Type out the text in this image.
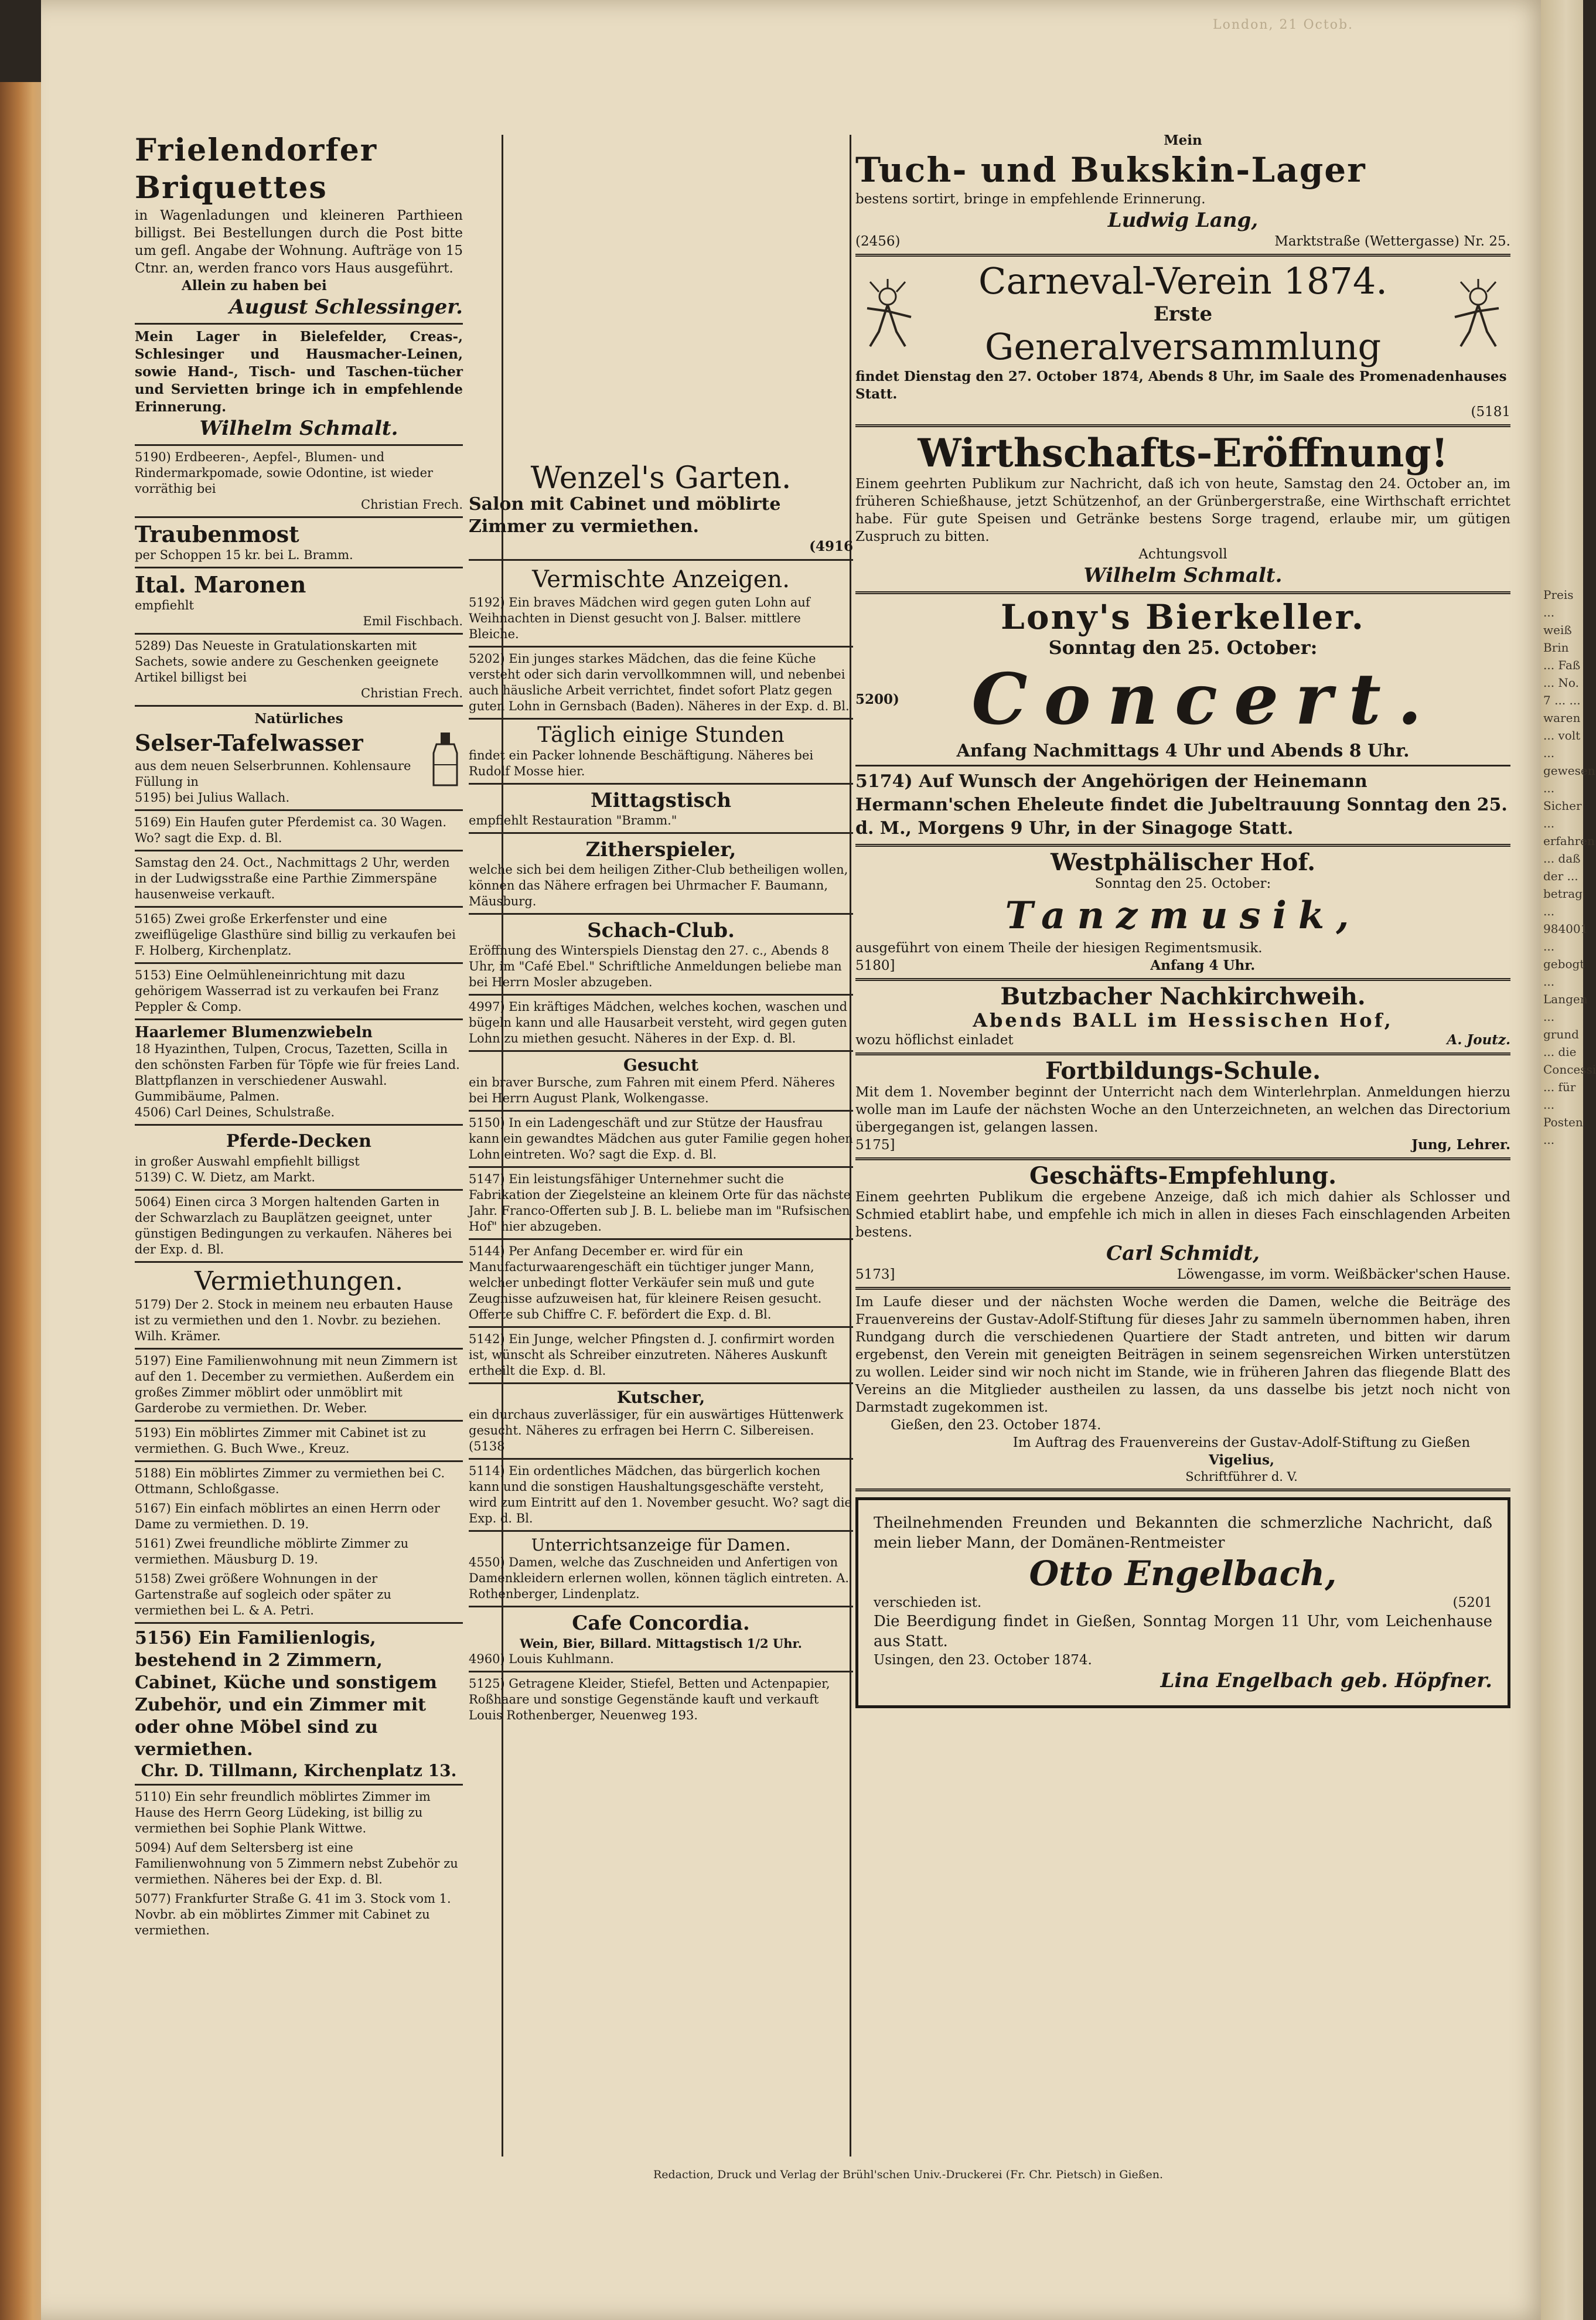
London, 21 Octob.
Preis ... weiß Brin ... Faß ... No. 7 ... ... waren ... volt ... gewesen ... Sicher ... erfahren ... daß der ... betrag ... 984001 ... gebogt ... Langen ... grund ... die Concessi ... für ... Posten ...
Frielendorfer Briquettes
in Wagenladungen und kleineren Parthieen billigst. Bei Bestellungen durch die Post bitte um gefl. Angabe der Wohnung. Aufträge von 15 Ctnr. an, werden franco vors Haus ausgeführt.
Allein zu haben bei
August Schlessinger.
Mein Lager in Bielefelder, Creas-, Schlesinger und Hausmacher-Leinen, sowie Hand-, Tisch- und Taschen-tücher und Servietten bringe ich in empfehlende Erinnerung.
Wilhelm Schmalt.
5190) Erdbeeren-, Aepfel-, Blumen- und Rindermarkpomade, sowie Odontine, ist wieder vorräthig bei
Christian Frech.
Traubenmost
per Schoppen 15 kr. bei L. Bramm.
Ital. Maronen
empfiehlt
Emil Fischbach.
5289) Das Neueste in Gratulationskarten mit Sachets, sowie andere zu Geschenken geeignete Artikel billigst bei
Christian Frech.
Natürliches
Selser-Tafelwasser
aus dem neuen Selserbrunnen. Kohlensaure Füllung in
5195) bei Julius Wallach.
5169) Ein Haufen guter Pferdemist ca. 30 Wagen. Wo? sagt die Exp. d. Bl.
Samstag den 24. Oct., Nachmittags 2 Uhr, werden in der Ludwigsstraße eine Parthie Zimmerspäne hausenweise verkauft.
5165) Zwei große Erkerfenster und eine zweiflügelige Glasthüre sind billig zu verkaufen bei F. Holberg, Kirchenplatz.
5153) Eine Oelmühleneinrichtung mit dazu gehörigem Wasserrad ist zu verkaufen bei Franz Peppler & Comp.
Haarlemer Blumenzwiebeln
18 Hyazinthen, Tulpen, Crocus, Tazetten, Scilla in den schönsten Farben für Töpfe wie für freies Land. Blattpflanzen in verschiedener Auswahl. Gummibäume, Palmen.
4506) Carl Deines, Schulstraße.
Pferde-Decken
in großer Auswahl empfiehlt billigst
5139) C. W. Dietz, am Markt.
5064) Einen circa 3 Morgen haltenden Garten in der Schwarzlach zu Bauplätzen geeignet, unter günstigen Bedingungen zu verkaufen. Näheres bei der Exp. d. Bl.
Vermiethungen.
5179) Der 2. Stock in meinem neu erbauten Hause ist zu vermiethen und den 1. Novbr. zu beziehen. Wilh. Krämer.
5197) Eine Familienwohnung mit neun Zimmern ist auf den 1. December zu vermiethen. Außerdem ein großes Zimmer möblirt oder unmöblirt mit Garderobe zu vermiethen. Dr. Weber.
5193) Ein möblirtes Zimmer mit Cabinet ist zu vermiethen. G. Buch Wwe., Kreuz.
5188) Ein möblirtes Zimmer zu vermiethen bei C. Ottmann, Schloßgasse.
5167) Ein einfach möblirtes an einen Herrn oder Dame zu vermiethen. D. 19.
5161) Zwei freundliche möblirte Zimmer zu vermiethen. Mäusburg D. 19.
5158) Zwei größere Wohnungen in der Gartenstraße auf sogleich oder später zu vermiethen bei L. & A. Petri.
5156) Ein Familienlogis, bestehend in 2 Zimmern, Cabinet, Küche und sonstigem Zubehör, und ein Zimmer mit oder ohne Möbel sind zu vermiethen.
Chr. D. Tillmann, Kirchenplatz 13.
5110) Ein sehr freundlich möblirtes Zimmer im Hause des Herrn Georg Lüdeking, ist billig zu vermiethen bei Sophie Plank Wittwe.
5094) Auf dem Seltersberg ist eine Familienwohnung von 5 Zimmern nebst Zubehör zu vermiethen. Näheres bei der Exp. d. Bl.
5077) Frankfurter Straße G. 41 im 3. Stock vom 1. Novbr. ab ein möblirtes Zimmer mit Cabinet zu vermiethen.
Wenzel's Garten.
Salon mit Cabinet und möblirte Zimmer zu vermiethen.
(4916
Vermischte Anzeigen.
5192) Ein braves Mädchen wird gegen guten Lohn auf Weihnachten in Dienst gesucht von J. Balser. mittlere Bleiche.
5202) Ein junges starkes Mädchen, das die feine Küche versteht oder sich darin vervollkommnen will, und nebenbei auch häusliche Arbeit verrichtet, findet sofort Platz gegen guten Lohn in Gernsbach (Baden). Näheres in der Exp. d. Bl.
Täglich einige Stunden
findet ein Packer lohnende Beschäftigung. Näheres bei Rudolf Mosse hier.
Mittagstisch
empfiehlt Restauration "Bramm."
Zitherspieler,
welche sich bei dem heiligen Zither-Club betheiligen wollen, können das Nähere erfragen bei Uhrmacher F. Baumann, Mäusburg.
Schach-Club.
Eröffnung des Winterspiels Dienstag den 27. c., Abends 8 Uhr, im "Café Ebel." Schriftliche Anmeldungen beliebe man bei Herrn Mosler abzugeben.
4997) Ein kräftiges Mädchen, welches kochen, waschen und bügeln kann und alle Hausarbeit versteht, wird gegen guten Lohn zu miethen gesucht. Näheres in der Exp. d. Bl.
Gesucht
ein braver Bursche, zum Fahren mit einem Pferd. Näheres bei Herrn August Plank, Wolkengasse.
5150) In ein Ladengeschäft und zur Stütze der Hausfrau kann ein gewandtes Mädchen aus guter Familie gegen hohen Lohn eintreten. Wo? sagt die Exp. d. Bl.
5147) Ein leistungsfähiger Unternehmer sucht die Fabrikation der Ziegelsteine an kleinem Orte für das nächste Jahr. Franco-Offerten sub J. B. L. beliebe man im "Rufsischen Hof" hier abzugeben.
5144) Per Anfang December er. wird für ein Manufacturwaarengeschäft ein tüchtiger junger Mann, welcher unbedingt flotter Verkäufer sein muß und gute Zeugnisse aufzuweisen hat, für kleinere Reisen gesucht. Offerte sub Chiffre C. F. befördert die Exp. d. Bl.
5142) Ein Junge, welcher Pfingsten d. J. confirmirt worden ist, wünscht als Schreiber einzutreten. Näheres Auskunft ertheilt die Exp. d. Bl.
Kutscher,
ein durchaus zuverlässiger, für ein auswärtiges Hüttenwerk gesucht. Näheres zu erfragen bei Herrn C. Silbereisen. (5138
5114) Ein ordentliches Mädchen, das bürgerlich kochen kann und die sonstigen Haushaltungsgeschäfte versteht, wird zum Eintritt auf den 1. November gesucht. Wo? sagt die Exp. d. Bl.
Unterrichtsanzeige für Damen.
4550) Damen, welche das Zuschneiden und Anfertigen von Damenkleidern erlernen wollen, können täglich eintreten. A. Rothenberger, Lindenplatz.
Cafe Concordia.
Wein, Bier, Billard. Mittagstisch 1/2 Uhr.
4960) Louis Kuhlmann.
5125) Getragene Kleider, Stiefel, Betten und Actenpapier, Roßhaare und sonstige Gegenstände kauft und verkauft Louis Rothenberger, Neuenweg 193.
Mein
Tuch- und Bukskin-Lager
bestens sortirt, bringe in empfehlende Erinnerung.
Ludwig Lang,
(2456)	Marktstraße (Wettergasse) Nr. 25.
Carneval-Verein 1874.
Erste
Generalversammlung
findet Dienstag den 27. October 1874, Abends 8 Uhr, im Saale des Promenadenhauses Statt.
(5181
Wirthschafts-Eröffnung!
Einem geehrten Publikum zur Nachricht, daß ich von heute, Samstag den 24. October an, im früheren Schießhause, jetzt Schützenhof, an der Grünbergerstraße, eine Wirthschaft errichtet habe. Für gute Speisen und Getränke bestens Sorge tragend, erlaube mir, um gütigen Zuspruch zu bitten.
Achtungsvoll
Wilhelm Schmalt.
Lony's Bierkeller.
Sonntag den 25. October:
5200)	Concert.
Anfang Nachmittags 4 Uhr und Abends 8 Uhr.
5174) Auf Wunsch der Angehörigen der Heinemann Hermann'schen Eheleute findet die Jubeltrauung Sonntag den 25. d. M., Morgens 9 Uhr, in der Sinagoge Statt.
Westphälischer Hof.
Sonntag den 25. October:
Tanzmusik,
ausgeführt von einem Theile der hiesigen Regimentsmusik.
5180]	Anfang 4 Uhr.
Butzbacher Nachkirchweih.
Abends BALL im Hessischen Hof,
wozu höflichst einladet	A. Joutz.
Fortbildungs-Schule.
Mit dem 1. November beginnt der Unterricht nach dem Winterlehrplan. Anmeldungen hierzu wolle man im Laufe der nächsten Woche an den Unterzeichneten, an welchen das Directorium übergegangen ist, gelangen lassen.
5175]	Jung, Lehrer.
Geschäfts-Empfehlung.
Einem geehrten Publikum die ergebene Anzeige, daß ich mich dahier als Schlosser und Schmied etablirt habe, und empfehle ich mich in allen in dieses Fach einschlagenden Arbeiten bestens.
Carl Schmidt,
5173]	Löwengasse, im vorm. Weißbäcker'schen Hause.
Im Laufe dieser und der nächsten Woche werden die Damen, welche die Beiträge des Frauenvereins der Gustav-Adolf-Stiftung für dieses Jahr zu sammeln übernommen haben, ihren Rundgang durch die verschiedenen Quartiere der Stadt antreten, und bitten wir darum ergebenst, den Verein mit geneigten Beiträgen in seinem segensreichen Wirken unterstützen zu wollen. Leider sind wir noch nicht im Stande, wie in früheren Jahren das fliegende Blatt des Vereins an die Mitglieder austheilen zu lassen, da uns dasselbe bis jetzt noch nicht von Darmstadt zugekommen ist.
Gießen, den 23. October 1874.
Im Auftrag des Frauenvereins der Gustav-Adolf-Stiftung zu Gießen
Vigelius,
Schriftführer d. V.
Theilnehmenden Freunden und Bekannten die schmerzliche Nachricht, daß mein lieber Mann, der Domänen-Rentmeister
Otto Engelbach,
verschieden ist.	(5201
Die Beerdigung findet in Gießen, Sonntag Morgen 11 Uhr, vom Leichenhause aus Statt.
Usingen, den 23. October 1874.
Lina Engelbach geb. Höpfner.
Redaction, Druck und Verlag der Brühl'schen Univ.-Druckerei (Fr. Chr. Pietsch) in Gießen.
